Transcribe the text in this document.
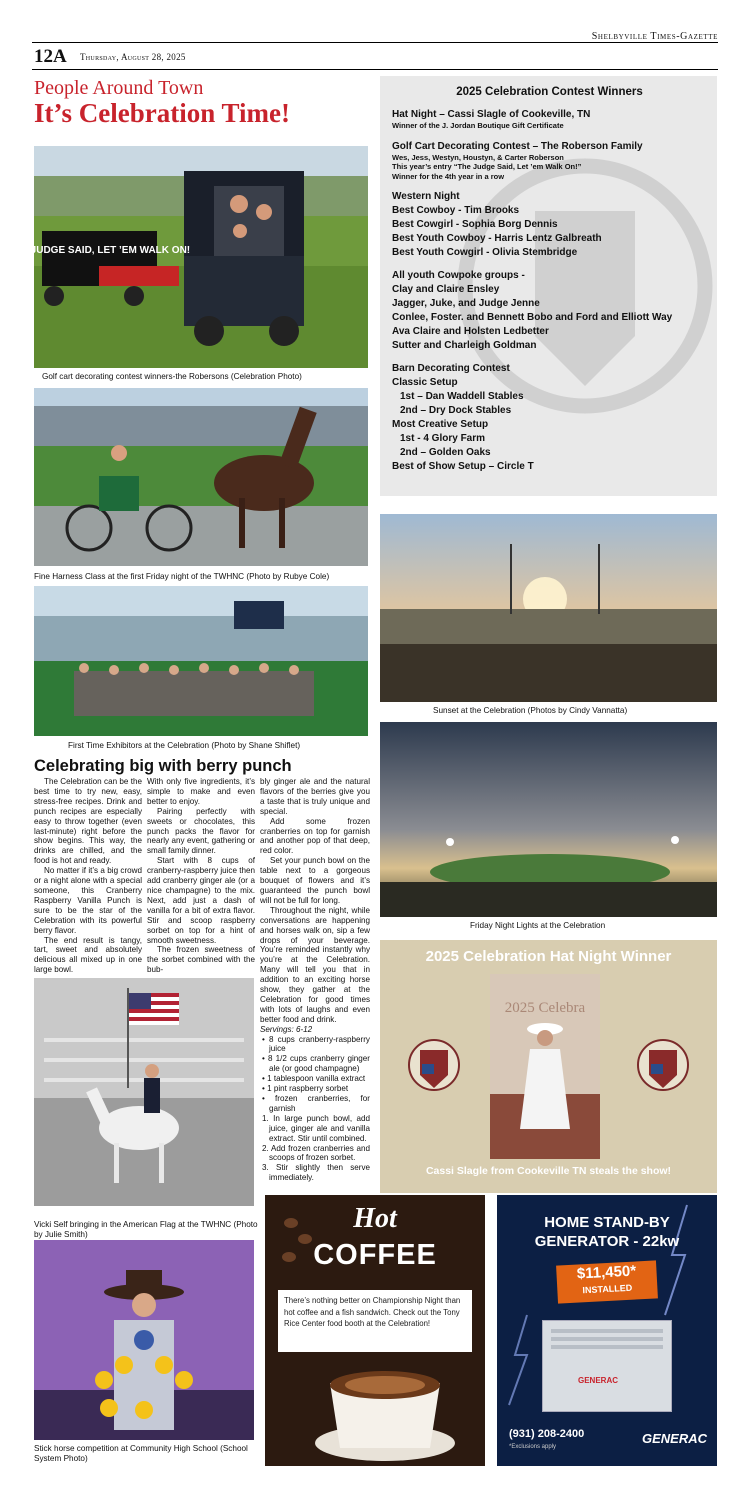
Shelbyville Times-Gazette
12A Thursday, August 28, 2025
People Around Town
It’s Celebration Time!
THE JUDGE SAID, LET ’EM WALK ON!
Golf cart decorating contest winners-the Robersons (Celebration Photo)
Fine Harness Class at the first Friday night of the TWHNC (Photo by Rubye Cole)
First Time Exhibitors at the Celebration (Photo by Shane Shiflet)
2025 Celebration Contest Winners
Hat Night – Cassi Slagle of Cookeville, TN
Winner of the J. Jordan Boutique Gift Certificate
Golf Cart Decorating Contest – The Roberson Family
Wes, Jess, Westyn, Houstyn, & Carter Roberson
This year’s entry “The Judge Said, Let ’em Walk On!”
Winner for the 4th year in a row
Western Night
Best Cowboy - Tim Brooks
Best Cowgirl - Sophia Borg Dennis
Best Youth Cowboy - Harris Lentz Galbreath
Best Youth Cowgirl - Olivia Stembridge
All youth Cowpoke groups -
Clay and Claire Ensley
Jagger, Juke, and Judge Jenne
Conlee, Foster. and Bennett Bobo and Ford and Elliott Way
Ava Claire and Holsten Ledbetter
Sutter and Charleigh Goldman
Barn Decorating Contest
Classic Setup
1st – Dan Waddell Stables
2nd – Dry Dock Stables
Most Creative Setup
1st - 4 Glory Farm
2nd – Golden Oaks
Best of Show Setup – Circle T
Sunset at the Celebration (Photos by Cindy Vannatta)
Friday Night Lights at the Celebration
Celebrating big with berry punch

The Celebration can be the best time to try new, easy, stress-free recipes. Drink and punch recipes are especially easy to throw together (even last-minute) right before the show begins. This way, the drinks are chilled, and the food is hot and ready.

No matter if it’s a big crowd or a night alone with a special someone, this Cranberry Raspberry Vanilla Punch is sure to be the star of the Celebration with its powerful berry flavor.

The end result is tangy, tart, sweet and absolutely delicious all mixed up in one large bowl.

With only five ingredients, it’s simple to make and even better to enjoy.

Pairing perfectly with sweets or chocolates, this punch packs the flavor for nearly any event, gathering or small family dinner.

Start with 8 cups of cranberry-raspberry juice then add cranberry ginger ale (or a nice champagne) to the mix. Next, add just a dash of vanilla for a bit of extra flavor. Stir and scoop raspberry sorbet on top for a hint of smooth sweetness.

The frozen sweetness of the sorbet combined with the bub-

bly ginger ale and the natural flavors of the berries give you a taste that is truly unique and special.

Add some frozen cranberries on top for garnish and another pop of that deep, red color.

Set your punch bowl on the table next to a gorgeous bouquet of flowers and it’s guaranteed the punch bowl will not be full for long.

Throughout the night, while conversations are happening and horses walk on, sip a few drops of your beverage. You’re reminded instantly why you’re at the Celebration. Many will tell you that in addition to an exciting horse show, they gather at the Celebration for good times with lots of laughs and even better food and drink.

Servings: 6-12
• 8 cups cranberry-raspberry juice
• 8 1/2 cups cranberry ginger ale (or good champagne)
• 1 tablespoon vanilla extract
• 1 pint raspberry sorbet
• frozen cranberries, for garnish
1. In large punch bowl, add juice, ginger ale and vanilla extract. Stir until combined.
2. Add frozen cranberries and scoops of frozen sorbet.
3. Stir slightly then serve immediately.
Vicki Self bringing in the American Flag at the TWHNC (Photo by Julie Smith)
Stick horse competition at Community High School (School System Photo)
2025 Celebration Hat Night Winner
2025 Celebra
Cassi Slagle from Cookeville TN steals the show!
Hot
COFFEE
There’s nothing better on Championship Night than hot coffee and a fish sandwich. Check out the Tony Rice Center food booth at the Celebration!
HOME STAND-BY
GENERATOR - 22kw
$11,450*
INSTALLED
GENERAC
(931) 208-2400
*Exclusions apply
GENERAC
